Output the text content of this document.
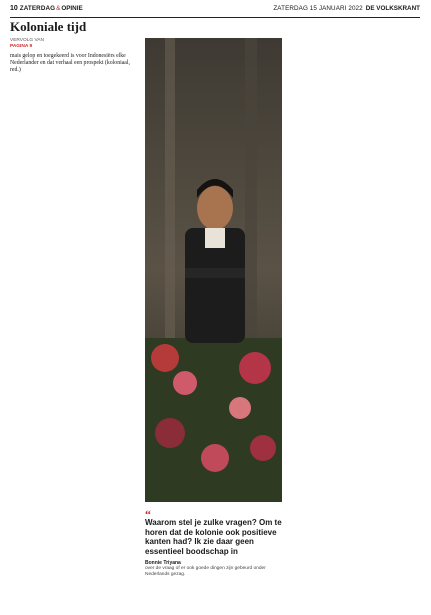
10 ZATERDAG & OPINIE	ZATERDAG 15 JANUARI 2022 DE VOLKSKRANT
Koloniale tijd
VERVOLG VAN
PAGINA 9

mais gelop en toegekeerd is voor Indonesiërs elke Nederlander en dat verhaal een prospekt (koloniaal, red.)

“

Waarom stel je zulke vragen? Om te horen dat de kolonie ook positieve kanten had? Ik zie daar geen essentieel boodschap in

Bonnie Triyana
over de vraag of er ook goede dingen zijn gebeurd onder Nederlands gezag.
